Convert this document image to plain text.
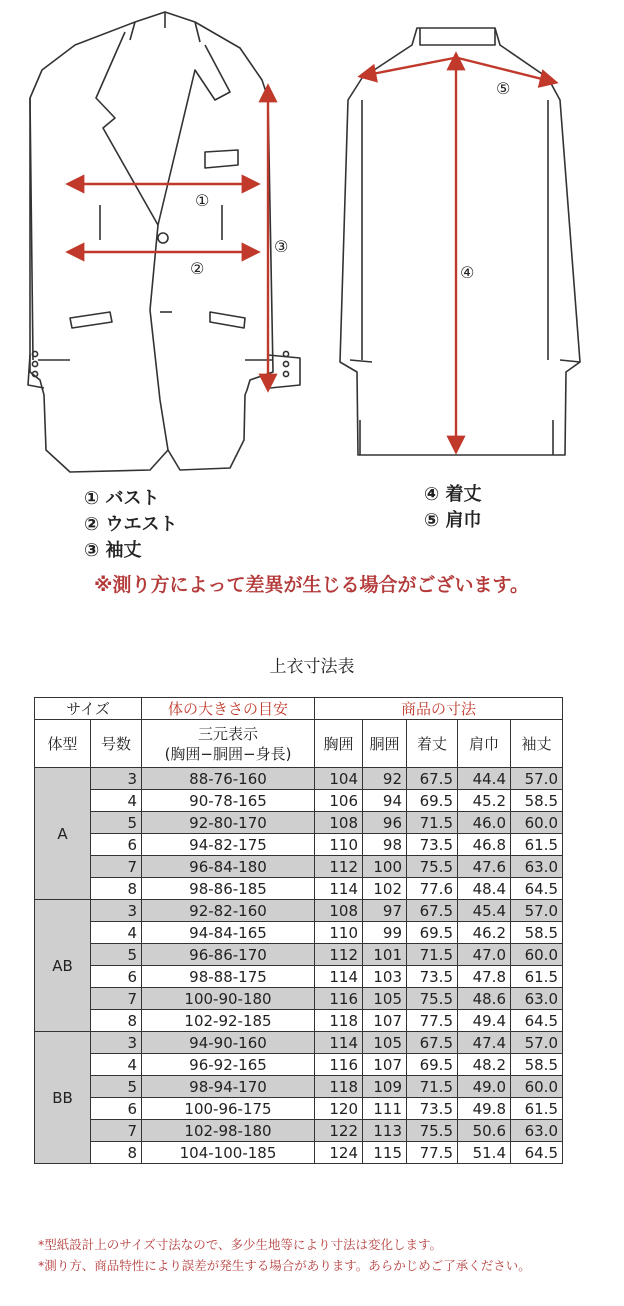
①
②
③
④
⑤
① バスト
② ウエスト
③ 袖丈
④ 着丈
⑤ 肩巾
※測り方によって差異が生じる場合がございます。
上衣寸法表
サイズ		体の大きさの目安	商品の寸法				
体型	号数	三元表示
(胸囲−胴囲−身長)	胸囲	胴囲	着丈	肩巾	袖丈
A	3	88-76-160	104	92	67.5	44.4	57.0
	4	90-78-165	106	94	69.5	45.2	58.5
	5	92-80-170	108	96	71.5	46.0	60.0
	6	94-82-175	110	98	73.5	46.8	61.5
	7	96-84-180	112	100	75.5	47.6	63.0
	8	98-86-185	114	102	77.6	48.4	64.5
AB	3	92-82-160	108	97	67.5	45.4	57.0
	4	94-84-165	110	99	69.5	46.2	58.5
	5	96-86-170	112	101	71.5	47.0	60.0
	6	98-88-175	114	103	73.5	47.8	61.5
	7	100-90-180	116	105	75.5	48.6	63.0
	8	102-92-185	118	107	77.5	49.4	64.5
BB	3	94-90-160	114	105	67.5	47.4	57.0
	4	96-92-165	116	107	69.5	48.2	58.5
	5	98-94-170	118	109	71.5	49.0	60.0
	6	100-96-175	120	111	73.5	49.8	61.5
	7	102-98-180	122	113	75.5	50.6	63.0
	8	104-100-185	124	115	77.5	51.4	64.5
*型紙設計上のサイズ寸法なので、多少生地等により寸法は変化します。
*測り方、商品特性により誤差が発生する場合があります。あらかじめご了承ください。
